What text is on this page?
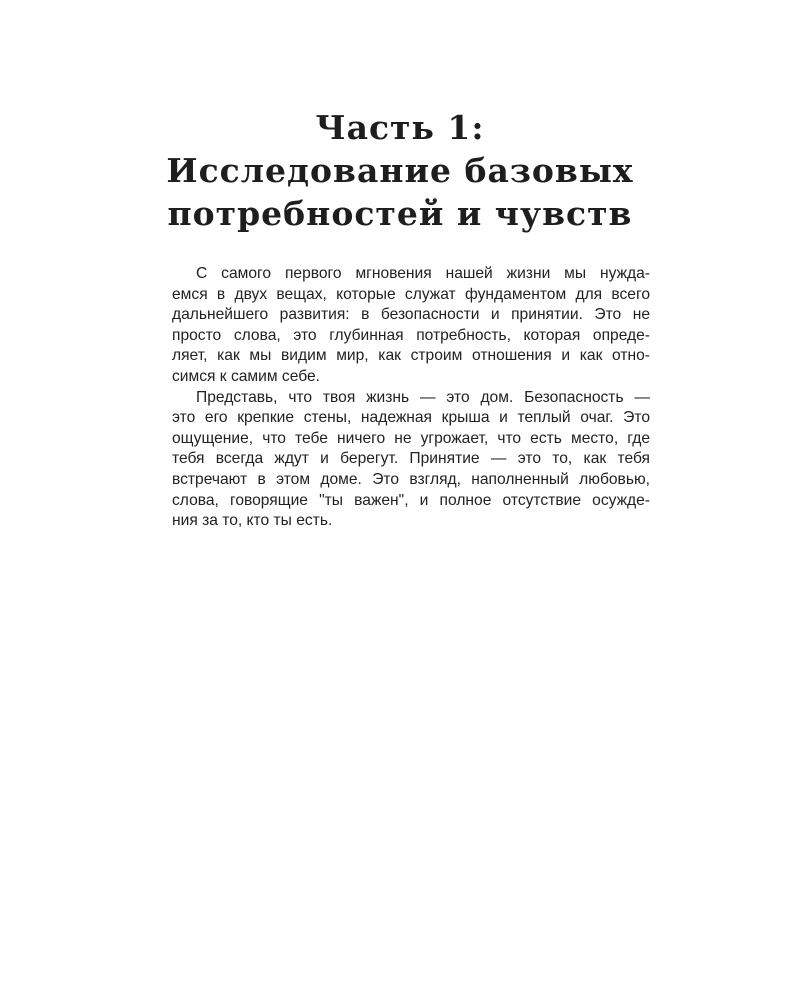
Часть 1:
Исследование базовых
потребностей и чувств
С самого первого мгновения нашей жизни мы нужда-
емся в двух вещах, которые служат фундаментом для всего
дальнейшего развития: в безопасности и принятии. Это не
просто слова, это глубинная потребность, которая опреде-
ляет, как мы видим мир, как строим отношения и как отно-
симся к самим себе.
Представь, что твоя жизнь — это дом. Безопасность —
это его крепкие стены, надежная крыша и теплый очаг. Это
ощущение, что тебе ничего не угрожает, что есть место, где
тебя всегда ждут и берегут. Принятие — это то, как тебя
встречают в этом доме. Это взгляд, наполненный любовью,
слова, говорящие "ты важен", и полное отсутствие осужде-
ния за то, кто ты есть.
